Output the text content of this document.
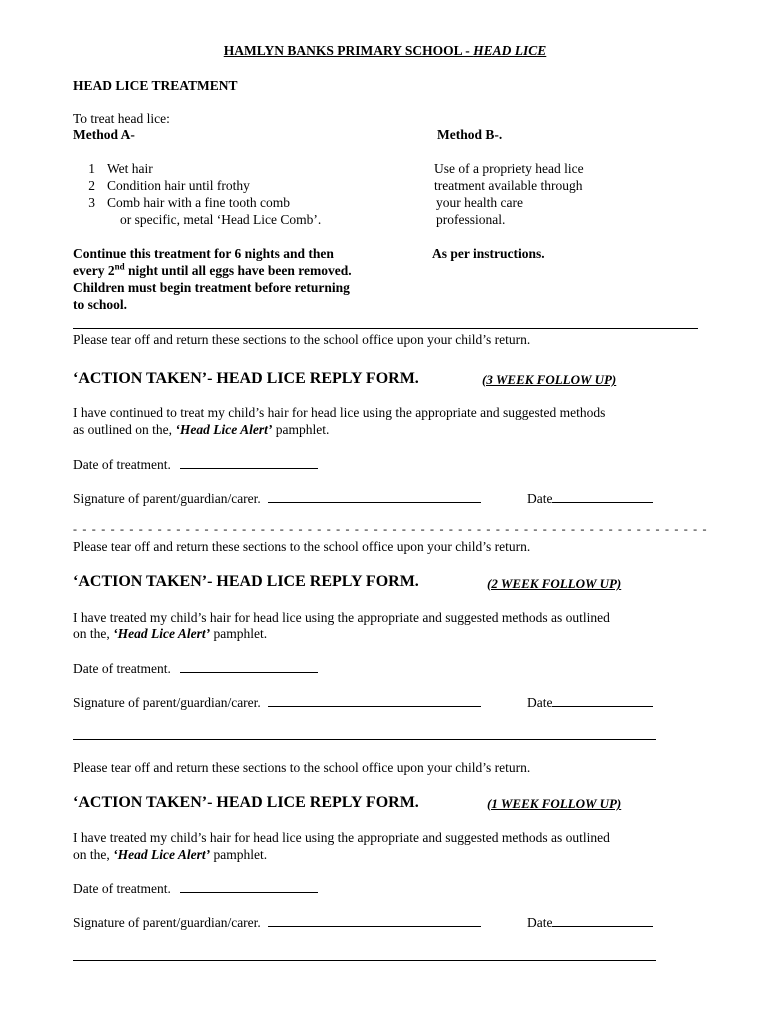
HAMLYN BANKS PRIMARY SCHOOL - HEAD LICE
HEAD LICE TREATMENT
To treat head lice:
Method A-
1 Wet hair
2 Condition hair until frothy
3 Comb hair with a fine tooth comb
or specific, metal ‘Head Lice Comb’.
Continue this treatment for 6 nights and then
every 2nd night until all eggs have been removed.
Children must begin treatment before returning
to school.
Method B-.
Use of a propriety head lice
treatment available through
your health care
professional.
As per instructions.
Please tear off and return these sections to the school office upon your child’s return.
‘ACTION TAKEN’- HEAD LICE REPLY FORM.	(3 WEEK FOLLOW UP)
I have continued to treat my child’s hair for head lice using the appropriate and suggested methods
as outlined on the, ‘Head Lice Alert’ pamphlet.
Date of treatment.
Signature of parent/guardian/carer.	Date
- - - - - - - - - - - - - - - - - - - - - - - - - - - - - - - - - - - - - - - - - - - - - - - - - - - - - - - - - - - - - - - - - - - -
Please tear off and return these sections to the school office upon your child’s return.
‘ACTION TAKEN’- HEAD LICE REPLY FORM.	(2 WEEK FOLLOW UP)
I have treated my child’s hair for head lice using the appropriate and suggested methods as outlined
on the, ‘Head Lice Alert’ pamphlet.
Date of treatment.
Signature of parent/guardian/carer.	Date
Please tear off and return these sections to the school office upon your child’s return.
‘ACTION TAKEN’- HEAD LICE REPLY FORM.	(1 WEEK FOLLOW UP)
I have treated my child’s hair for head lice using the appropriate and suggested methods as outlined
on the, ‘Head Lice Alert’ pamphlet.
Date of treatment.
Signature of parent/guardian/carer.	Date
